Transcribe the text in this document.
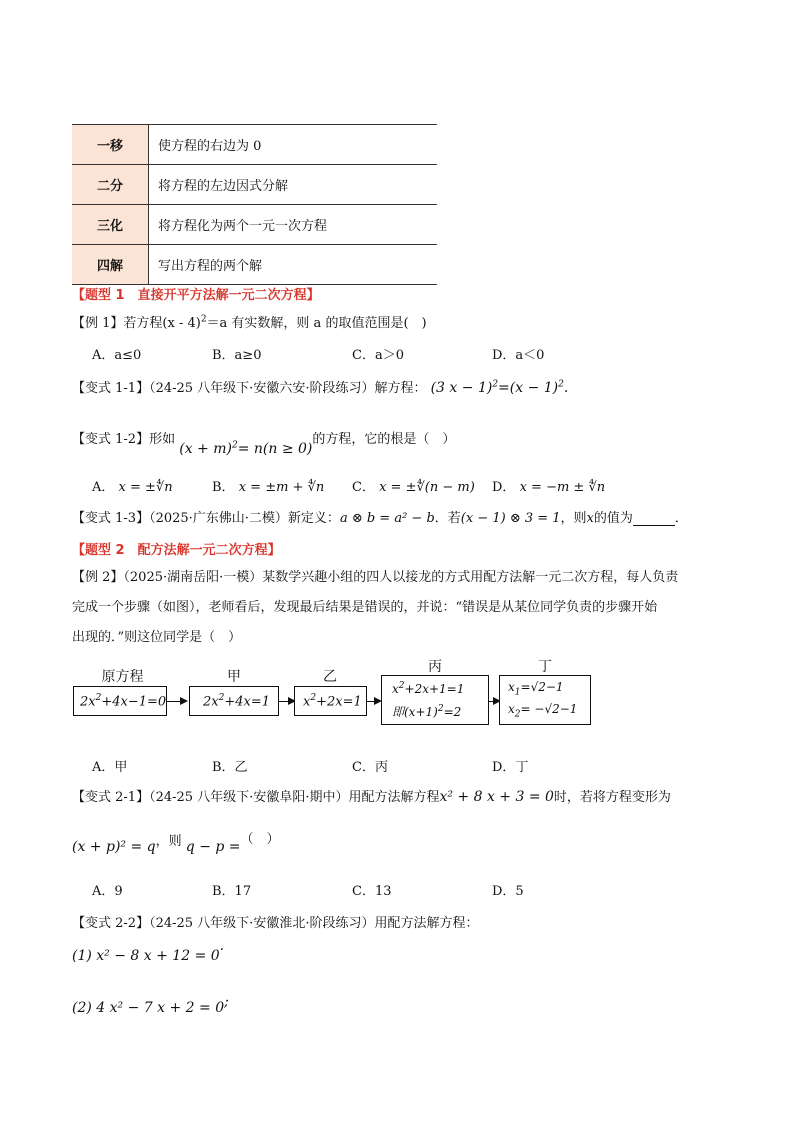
一移	使方程的右边为 0
二分	将方程的左边因式分解
三化	将方程化为两个一元一次方程
四解	写出方程的两个解
【题型 1　直接开平方法解一元二次方程】
【例 1】若方程(x - 4)$^2$＝a 有实数解，则 a 的取值范围是(　)
A．a≤0	B．a≥0	C．a＞0	D．a＜0
【变式 1-1】（24-25 八年级下·安徽六安·阶段练习）解方程： (3 $x - 1)^2=(x - 1)^2$.
【变式 1-2】形如 $(x + m)^2= n(n \ge 0)$的方程，它的根是（　）
A． x = ±∜n	B． x = ±m + ∜n C． x = ±∜(n − m) D． x = −m ± ∜n
【变式 1-3】（2025·广东佛山·二模）新定义：a ⊗ b = a² − b．若(x − 1) ⊗ 3 = 1，则x的值为	．
【题型 2　配方法解一元二次方程】
【例 2】（2025·湖南岳阳·一模）某数学兴趣小组的四人以接龙的方式用配方法解一元二次方程，每人负责
完成一个步骤（如图），老师看后，发现最后结果是错误的，并说：“错误是从某位同学负责的步骤开始
出现的．”则这位同学是（　）
原方程
$2x^2+4x-1=0$
甲
$2x^2+4x=1$
乙
$x^2+2x=1$
丙
$x^2+2x+1=1$
即$(x+1)^2=2$
丁
$x_1=√2-1$
$x_2= -√2-1$
A．甲	B．乙	C．丙	D．丁
【变式 2-1】（24-25 八年级下·安徽阜阳·期中）用配方法解方程x² + 8 x + 3 = 0时，若将方程变形为
(x + p)² = q，则 q − p =（　）
A．9	B．17	C．13	D．5
【变式 2-2】（24-25 八年级下·安徽淮北·阶段练习）用配方法解方程：
(1) x² − 8 x + 12 = 0·
(2) 4 x² − 7 x + 2 = 0;
